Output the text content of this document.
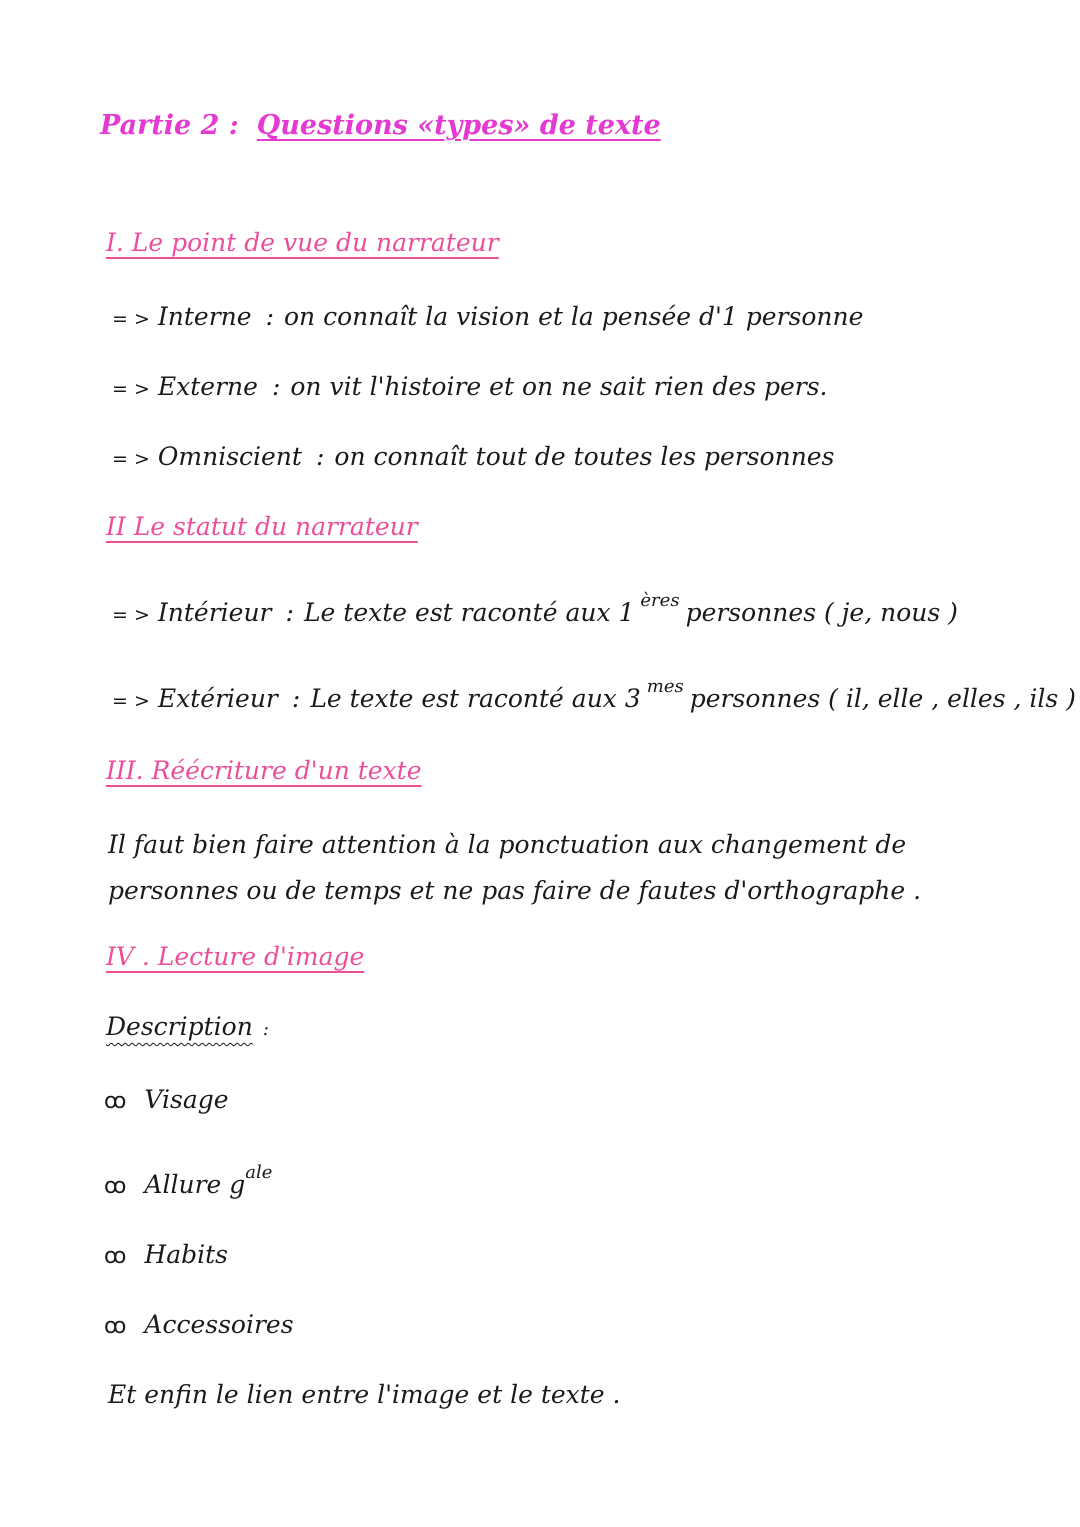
Partie 2 : Questions «types» de texte
I. Le point de vue du narrateur
= > Interne : on connaît la vision et la pensée d'1 personne
= > Externe : on vit l'histoire et on ne sait rien des pers.
= > Omniscient : on connaît tout de toutes les personnes
II Le statut du narrateur
= > Intérieur : Le texte est raconté aux 1 $^{ères}$ personnes ( je, nous )
= > Extérieur : Le texte est raconté aux 3 $^{mes}$ personnes ( il, elle , elles , ils )
III. Réécriture d'un texte
Il faut bien faire attention à la ponctuation aux changement de personnes ou de temps et ne pas faire de fautes d'orthographe .
IV . Lecture d'image
Description :
ꝏ Visage
ꝏ Allure $g^{ale}$
ꝏ Habits
ꝏ Accessoires
Et enfin le lien entre l'image et le texte .
